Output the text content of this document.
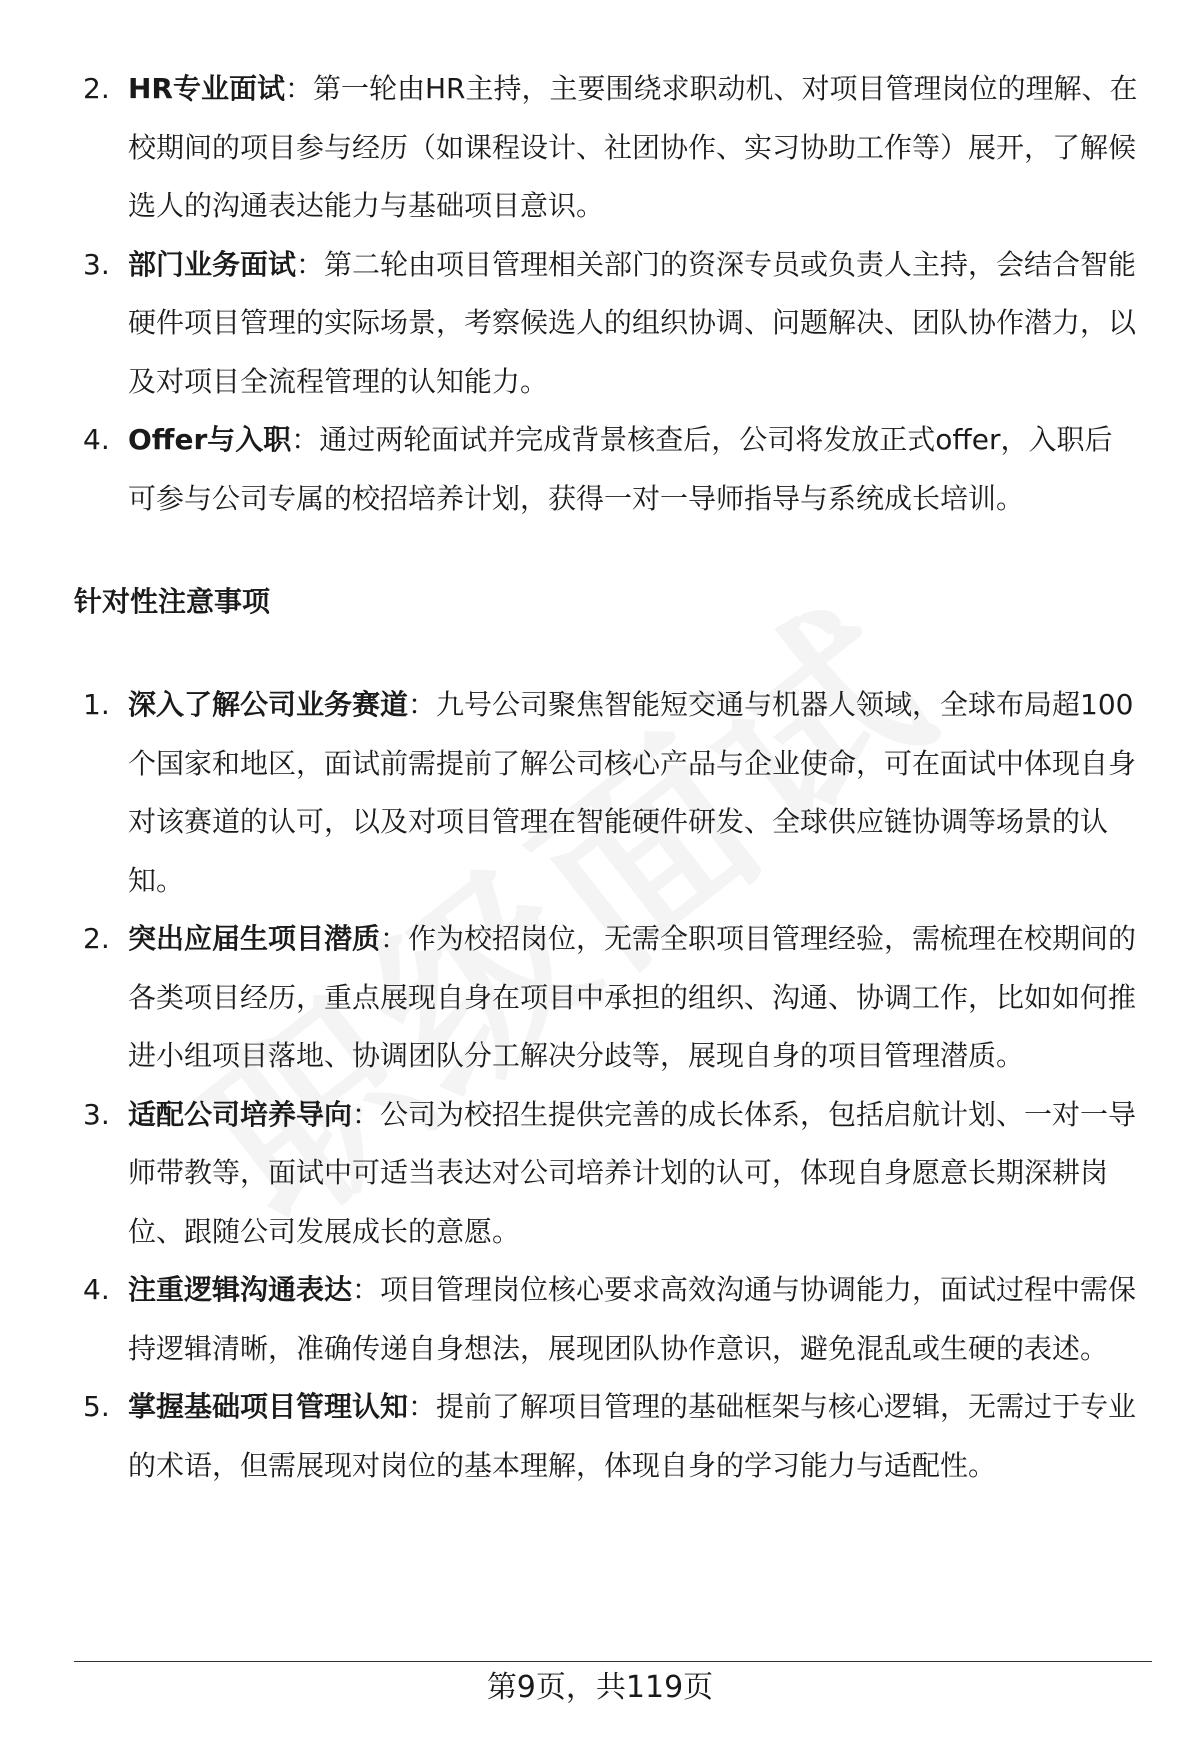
2. HR专业面试：第一轮由HR主持，主要围绕求职动机、对项目管理岗位的理解、在校期间的项目参与经历（如课程设计、社团协作、实习协助工作等）展开，了解候选人的沟通表达能力与基础项目意识。
3. 部门业务面试：第二轮由项目管理相关部门的资深专员或负责人主持，会结合智能硬件项目管理的实际场景，考察候选人的组织协调、问题解决、团队协作潜力，以及对项目全流程管理的认知能力。
4. Offer与入职：通过两轮面试并完成背景核查后，公司将发放正式offer，入职后可参与公司专属的校招培养计划，获得一对一导师指导与系统成长培训。
针对性注意事项
1. 深入了解公司业务赛道：九号公司聚焦智能短交通与机器人领域，全球布局超100个国家和地区，面试前需提前了解公司核心产品与企业使命，可在面试中体现自身对该赛道的认可，以及对项目管理在智能硬件研发、全球供应链协调等场景的认知。
2. 突出应届生项目潜质：作为校招岗位，无需全职项目管理经验，需梳理在校期间的各类项目经历，重点展现自身在项目中承担的组织、沟通、协调工作，比如如何推进小组项目落地、协调团队分工解决分歧等，展现自身的项目管理潜质。
3. 适配公司培养导向：公司为校招生提供完善的成长体系，包括启航计划、一对一导师带教等，面试中可适当表达对公司培养计划的认可，体现自身愿意长期深耕岗位、跟随公司发展成长的意愿。
4. 注重逻辑沟通表达：项目管理岗位核心要求高效沟通与协调能力，面试过程中需保持逻辑清晰，准确传递自身想法，展现团队协作意识，避免混乱或生硬的表述。
5. 掌握基础项目管理认知：提前了解项目管理的基础框架与核心逻辑，无需过于专业的术语，但需展现对岗位的基本理解，体现自身的学习能力与适配性。
第9页，共119页
